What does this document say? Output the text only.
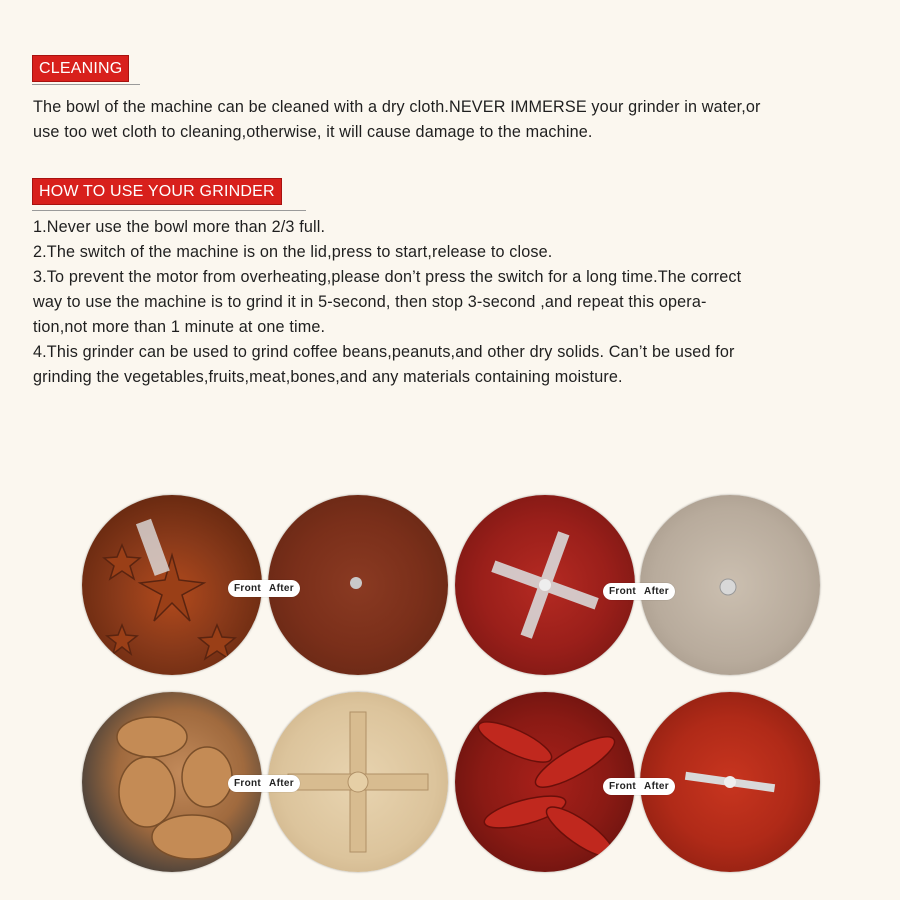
CLEANING
The bowl of the machine can be cleaned with a dry cloth.NEVER IMMERSE your grinder in water,or
use too wet cloth to cleaning,otherwise, it will cause damage to the machine.
HOW TO USE YOUR GRINDER
1.Never use the bowl more than 2/3 full.
2.The switch of the machine is on the lid,press to start,release to close.
3.To prevent the motor from overheating,please don’t press the switch for a long time.The correct
way to use the machine is to grind it in 5-second, then stop 3-second ,and repeat this opera-
tion,not more than 1 minute at one time.
4.This grinder can be used to grind coffee beans,peanuts,and other dry solids. Can’t be used for
grinding the vegetables,fruits,meat,bones,and any materials containing moisture.
Front After	Front After
Front After	Front After
